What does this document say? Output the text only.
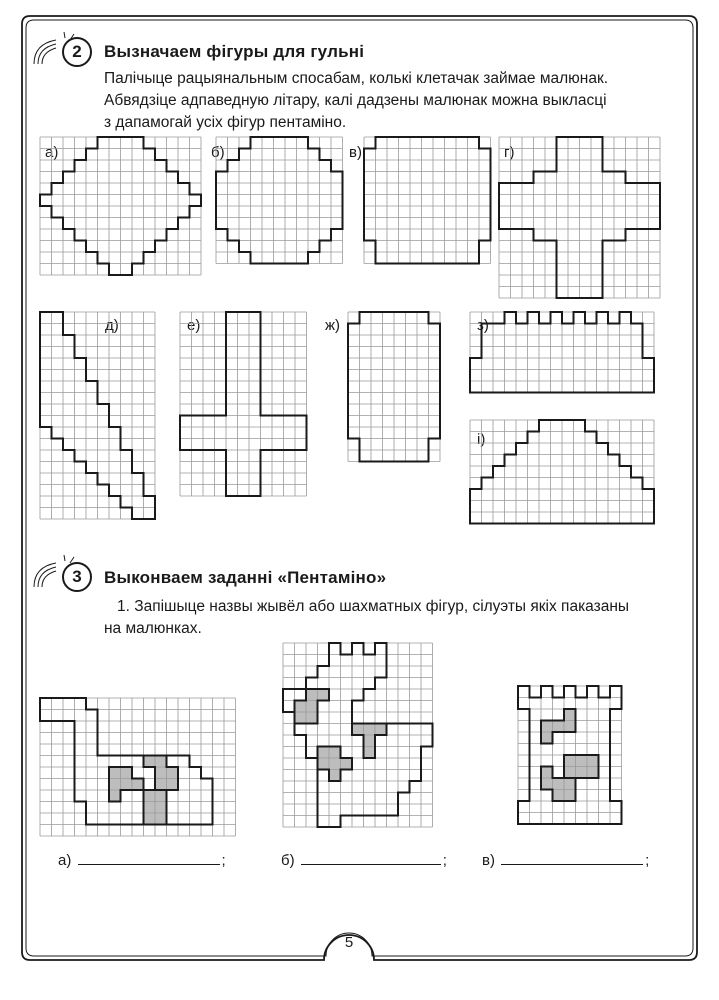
2	Вызначаем фігуры для гульні
Палічыце рацыянальным спосабам, колькі клетачак займае малюнак.
Абвядзіце адпаведную літару, калі дадзены малюнак можна выкласці
з дапамогай усіх фігур пентаміно.
а)	б)	в)	г)
д)	е)	ж)	з)
і)
3	Выконваем заданні «Пентаміно»
1. Запішыце назвы жывёл або шахматных фігур, сілуэты якіх паказаны
на малюнках.
а)	;	б)	; в)	;
5
